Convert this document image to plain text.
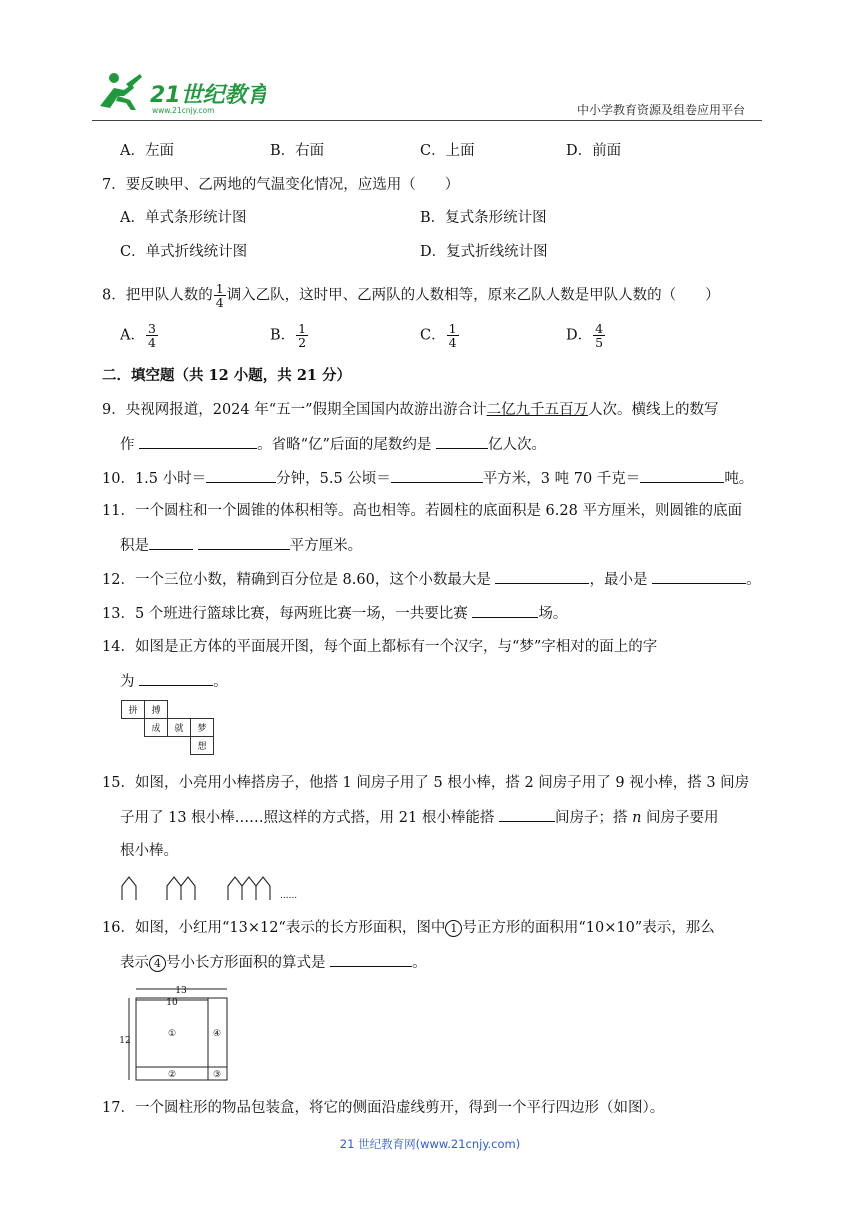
21世纪教育
www.21cnjy.com	中小学教育资源及组卷应用平台
A．左面	B．右面	C．上面	D．前面
7．要反映甲、乙两地的气温变化情况，应选用（　　）
A．单式条形统计图	B．复式条形统计图
C．单式折线统计图	D．复式折线统计图
8．把甲队人数的 $\frac{1}{4}$ 调入乙队，这时甲、乙两队的人数相等，原来乙队人数是甲队人数的（　　）
A． $\frac{3}{4}$	B． $\frac{1}{2}$	C． $\frac{1}{4}$	D． $\frac{4}{5}$
二．填空题（共 12 小题，共 21 分）
9．央视网报道，2024 年“五一”假期全国国内故游出游合计二亿九千五百万人次。横线上的数写
作	。省略“亿”后面的尾数约是	亿人次。
10．1.5 小时＝	分钟，5.5 公顷＝	平方米，3 吨 70 千克＝	吨。
11．一个圆柱和一个圆锥的体积相等。高也相等。若圆柱的底面积是 6.28 平方厘米，则圆锥的底面
积是	平方厘米。
12．一个三位小数，精确到百分位是 8.60，这个小数最大是	，最小是	。
13．5 个班进行篮球比赛，每两班比赛一场，一共要比赛	场。
14．如图是正方体的平面展开图，每个面上都标有一个汉字，与“梦”字相对的面上的字
为	。
拼	搏		
	成	就	梦
			想
15．如图，小亮用小棒搭房子，他搭 1 间房子用了 5 根小棒，搭 2 间房子用了 9 视小棒，搭 3 间房
子用了 13 根小棒……照这样的方式搭，用 21 根小棒能搭	间房子；搭 n 间房子要用
根小棒。
......
16．如图，小红用“13×12“表示的长方形面积，图中 1 号正方形的面积用“10×10”表示，那么
表示 4 号小长方形面积的算式是	。
13
10
12
①	④
②	③
17．一个圆柱形的物品包装盒，将它的侧面沿虚线剪开，得到一个平行四边形（如图）。
21 世纪教育网(www.21cnjy.com)
